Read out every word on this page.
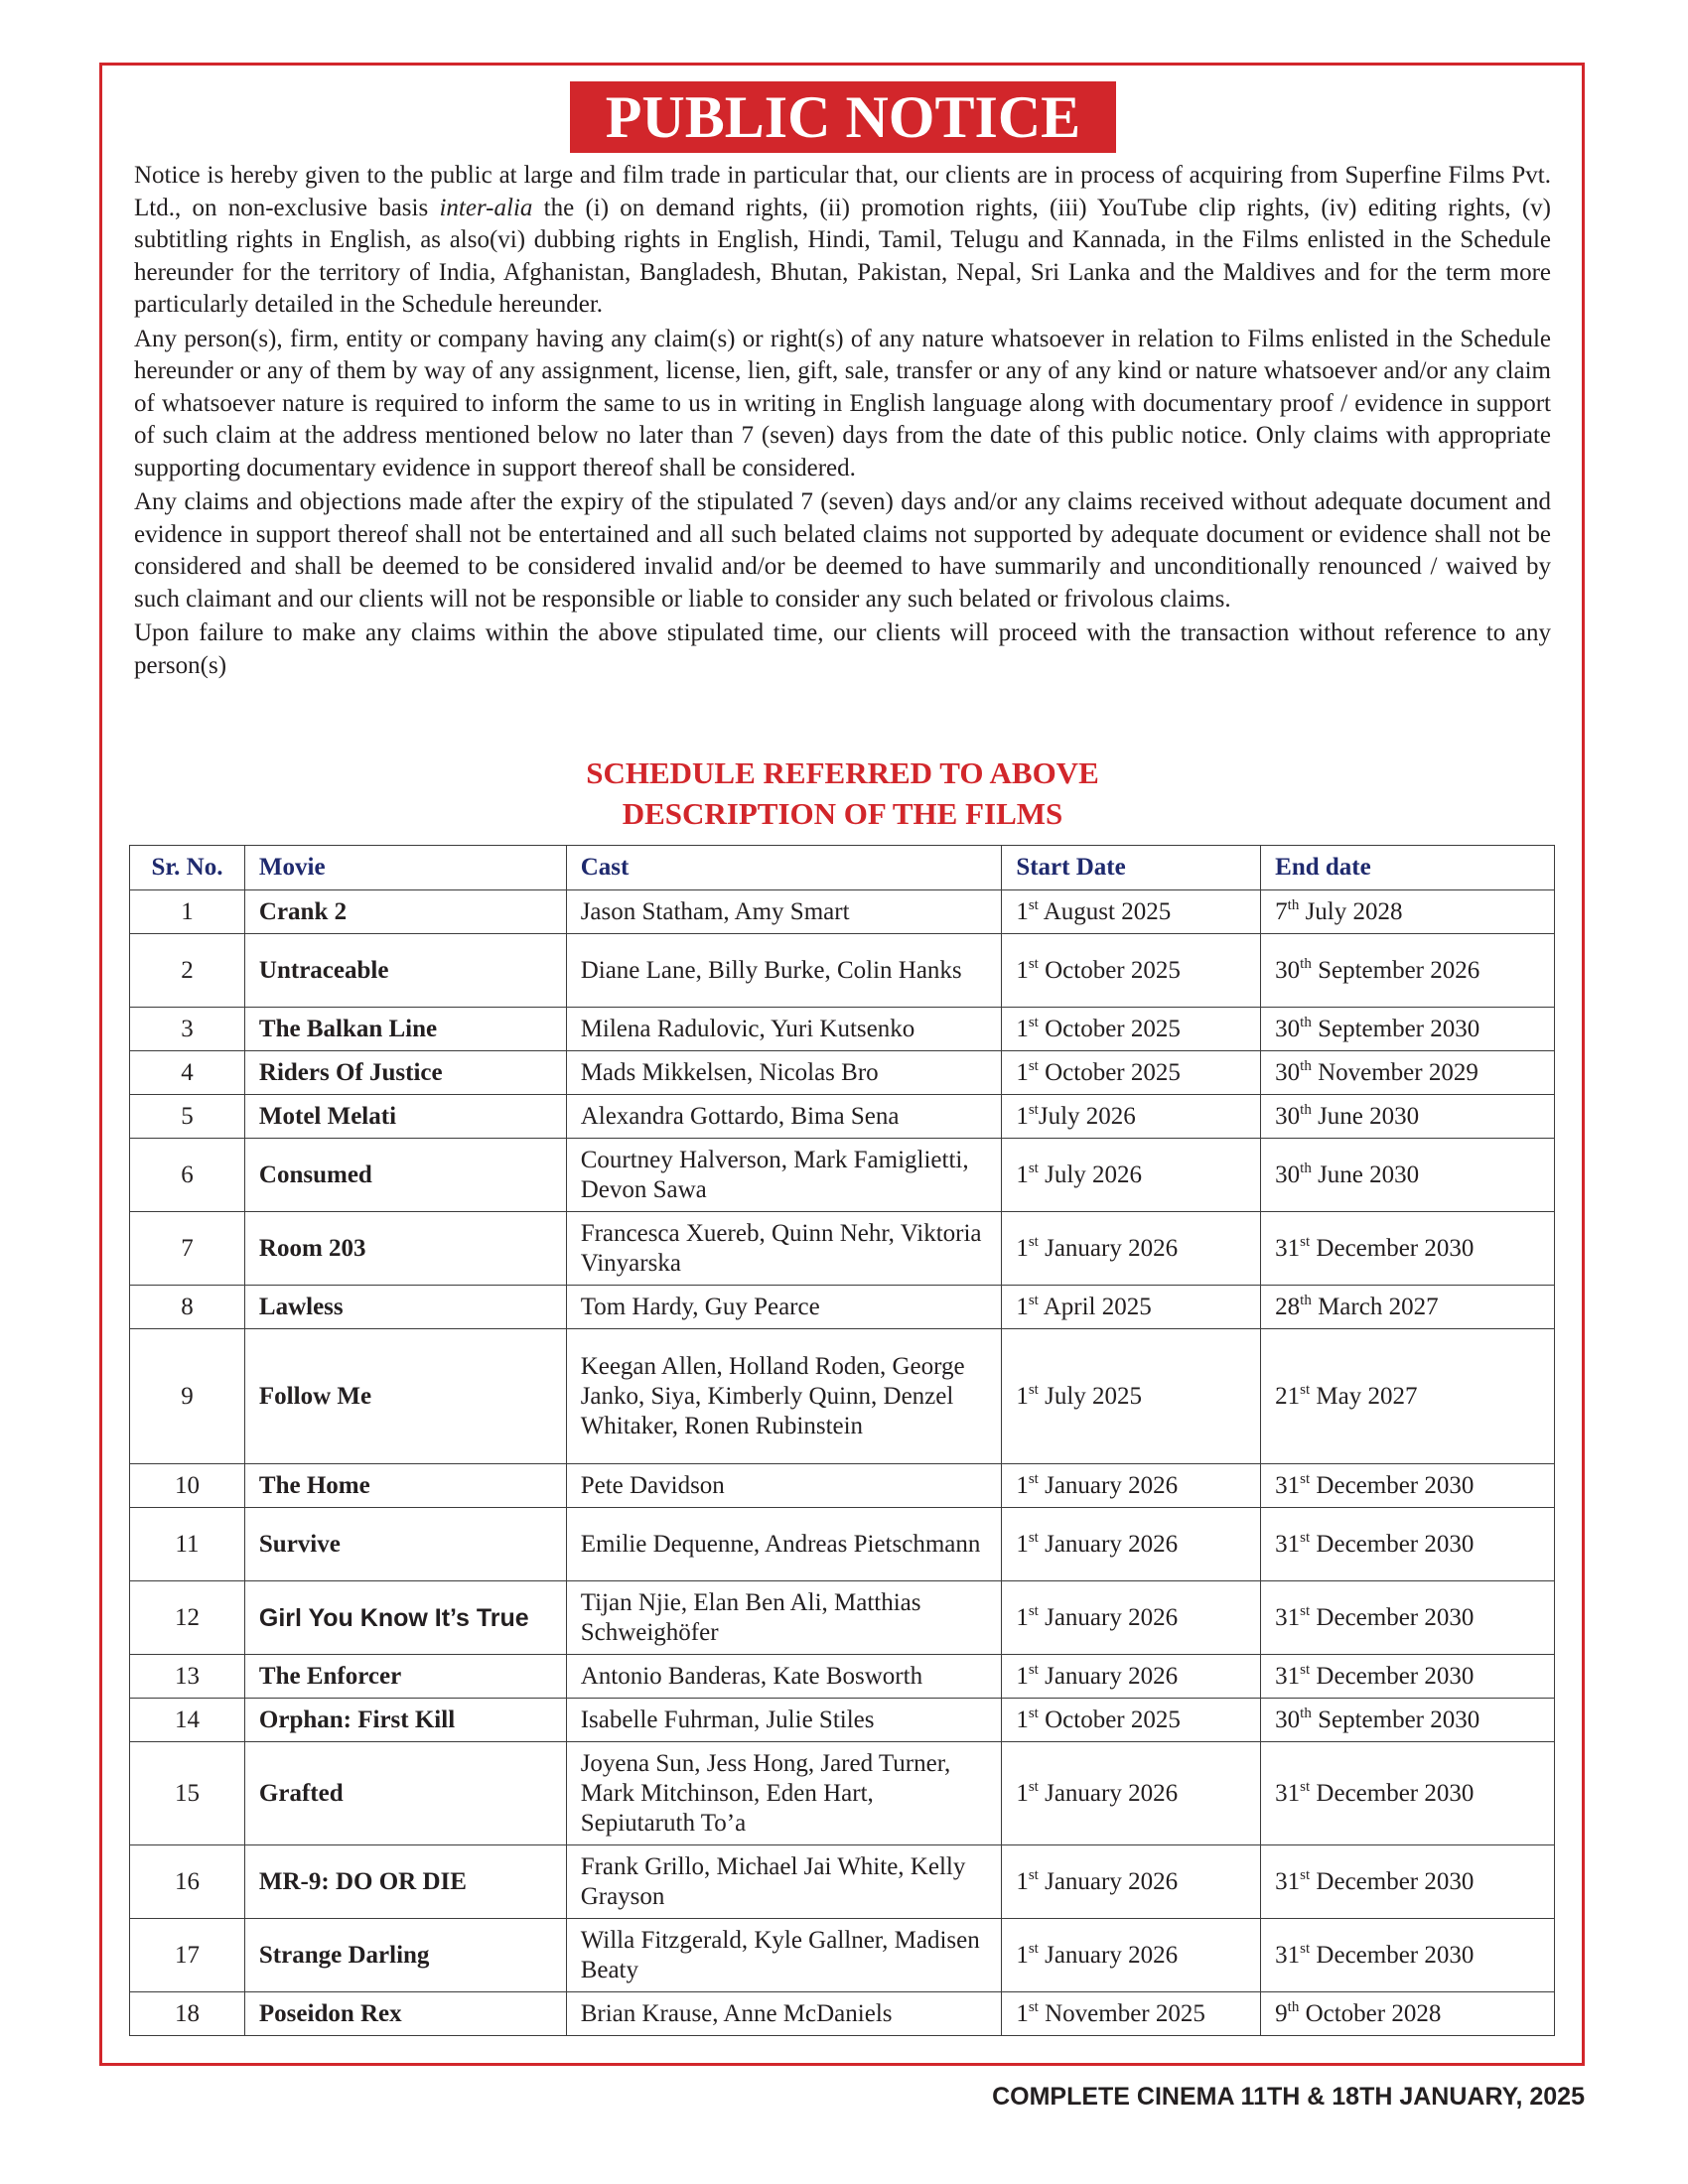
PUBLIC NOTICE

Notice is hereby given to the public at large and film trade in particular that, our clients are in process of acquiring from Superfine Films Pvt. Ltd., on non-exclusive basis inter-alia the (i) on demand rights, (ii) promotion rights, (iii) YouTube clip rights, (iv) editing rights, (v) subtitling rights in English, as also(vi) dubbing rights in English, Hindi, Tamil, Telugu and Kannada, in the Films enlisted in the Schedule hereunder for the territory of India, Afghanistan, Bangladesh, Bhutan, Pakistan, Nepal, Sri Lanka and the Maldives and for the term more particularly detailed in the Schedule hereunder.

Any person(s), firm, entity or company having any claim(s) or right(s) of any nature whatsoever in relation to Films enlisted in the Schedule hereunder or any of them by way of any assignment, license, lien, gift, sale, transfer or any of any kind or nature whatsoever and/or any claim of whatsoever nature is required to inform the same to us in writing in English language along with documentary proof / evidence in support of such claim at the address mentioned below no later than 7 (seven) days from the date of this public notice. Only claims with appropriate supporting documentary evidence in support thereof shall be considered.

Any claims and objections made after the expiry of the stipulated 7 (seven) days and/or any claims received without adequate document and evidence in support thereof shall not be entertained and all such belated claims not supported by adequate document or evidence shall not be considered and shall be deemed to be considered invalid and/or be deemed to have summarily and unconditionally renounced / waived by such claimant and our clients will not be responsible or liable to consider any such belated or frivolous claims.

Upon failure to make any claims within the above stipulated time, our clients will proceed with the transaction without reference to any person(s)

SCHEDULE REFERRED TO ABOVE
DESCRIPTION OF THE FILMS
Sr. No.	Movie	Cast	Start Date	End date
1	Crank 2	Jason Statham, Amy Smart	1st August 2025	7th July 2028
2	Untraceable	Diane Lane, Billy Burke, Colin Hanks	1st October 2025	30th September 2026
3	The Balkan Line	Milena Radulovic, Yuri Kutsenko	1st October 2025	30th September 2030
4	Riders Of Justice	Mads Mikkelsen, Nicolas Bro	1st October 2025	30th November 2029
5	Motel Melati	Alexandra Gottardo, Bima Sena	1stJuly 2026	30th June 2030
6	Consumed	Courtney Halverson, Mark Famiglietti, Devon Sawa	1st July 2026	30th June 2030
7	Room 203	Francesca Xuereb, Quinn Nehr, Viktoria Vinyarska	1st January 2026	31st December 2030
8	Lawless	Tom Hardy, Guy Pearce	1st April 2025	28th March 2027
9	Follow Me	Keegan Allen, Holland Roden, George Janko, Siya, Kimberly Quinn, Denzel Whitaker, Ronen Rubinstein	1st July 2025	21st May 2027
10	The Home	Pete Davidson	1st January 2026	31st December 2030
11	Survive	Emilie Dequenne, Andreas Pietschmann	1st January 2026	31st December 2030
12	Girl You Know It’s True	Tijan Njie, Elan Ben Ali, Matthias Schweighöfer	1st January 2026	31st December 2030
13	The Enforcer	Antonio Banderas, Kate Bosworth	1st January 2026	31st December 2030
14	Orphan: First Kill	Isabelle Fuhrman, Julie Stiles	1st October 2025	30th September 2030
15	Grafted	Joyena Sun, Jess Hong, Jared Turner, Mark Mitchinson, Eden Hart, Sepiutaruth To’a	1st January 2026	31st December 2030
16	MR-9: DO OR DIE	Frank Grillo, Michael Jai White, Kelly Grayson	1st January 2026	31st December 2030
17	Strange Darling	Willa Fitzgerald, Kyle Gallner, Madisen Beaty	1st January 2026	31st December 2030
18	Poseidon Rex	Brian Krause, Anne McDaniels	1st November 2025	9th October 2028
COMPLETE CINEMA 11TH & 18TH JANUARY, 2025
